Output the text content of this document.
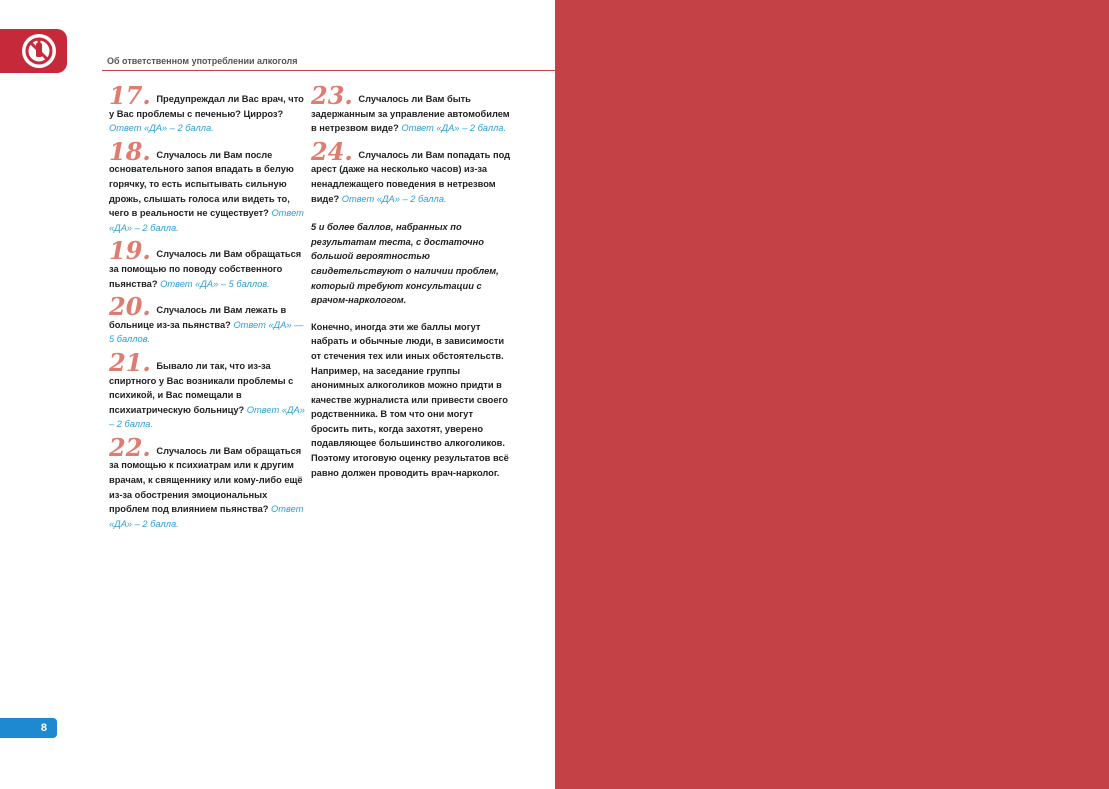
Об ответственном употреблении алкоголя
17. Предупреждал ли Вас врач, что у Вас проблемы с печенью? Цирроз? Ответ «ДА» – 2 балла.
18. Случалось ли Вам после основательного запоя впадать в белую горячку, то есть испытывать сильную дрожь, слышать голоса или видеть то, чего в реальности не существует? Ответ «ДА» – 2 балла.
19. Случалось ли Вам обращаться за помощью по поводу собственного пьянства? Ответ «ДА» – 5 баллов.
20. Случалось ли Вам лежать в больнице из-за пьянства? Ответ «ДА» — 5 баллов.
21. Бывало ли так, что из-за спиртного у Вас возникали проблемы с психикой, и Вас помещали в психиатрическую больницу? Ответ «ДА» – 2 балла.
22. Случалось ли Вам обращаться за помощью к психиатрам или к другим врачам, к священнику или кому-либо ещё из-за обострения эмоциональных проблем под влиянием пьянства? Ответ «ДА» – 2 балла.
23. Случалось ли Вам быть задержанным за управление автомобилем в нетрезвом виде? Ответ «ДА» – 2 балла.
24. Случалось ли Вам попадать под арест (даже на несколько часов) из-за ненадлежащего поведения в нетрезвом виде? Ответ «ДА» – 2 балла.
5 и более баллов, набранных по результатам теста, с достаточно большой вероятностью свидетельствуют о наличии проблем, который требуют консультации с врачом-наркологом.
Конечно, иногда эти же баллы могут набрать и обычные люди, в зависимости от стечения тех или иных обстоятельств. Например, на заседание группы анонимных алкоголиков можно придти в качестве журналиста или привести своего родственника. В том что они могут бросить пить, когда захотят, уверено подавляющее большинство алкоголиков. Поэтому итоговую оценку результатов всё равно должен проводить врач-нарколог.
8
